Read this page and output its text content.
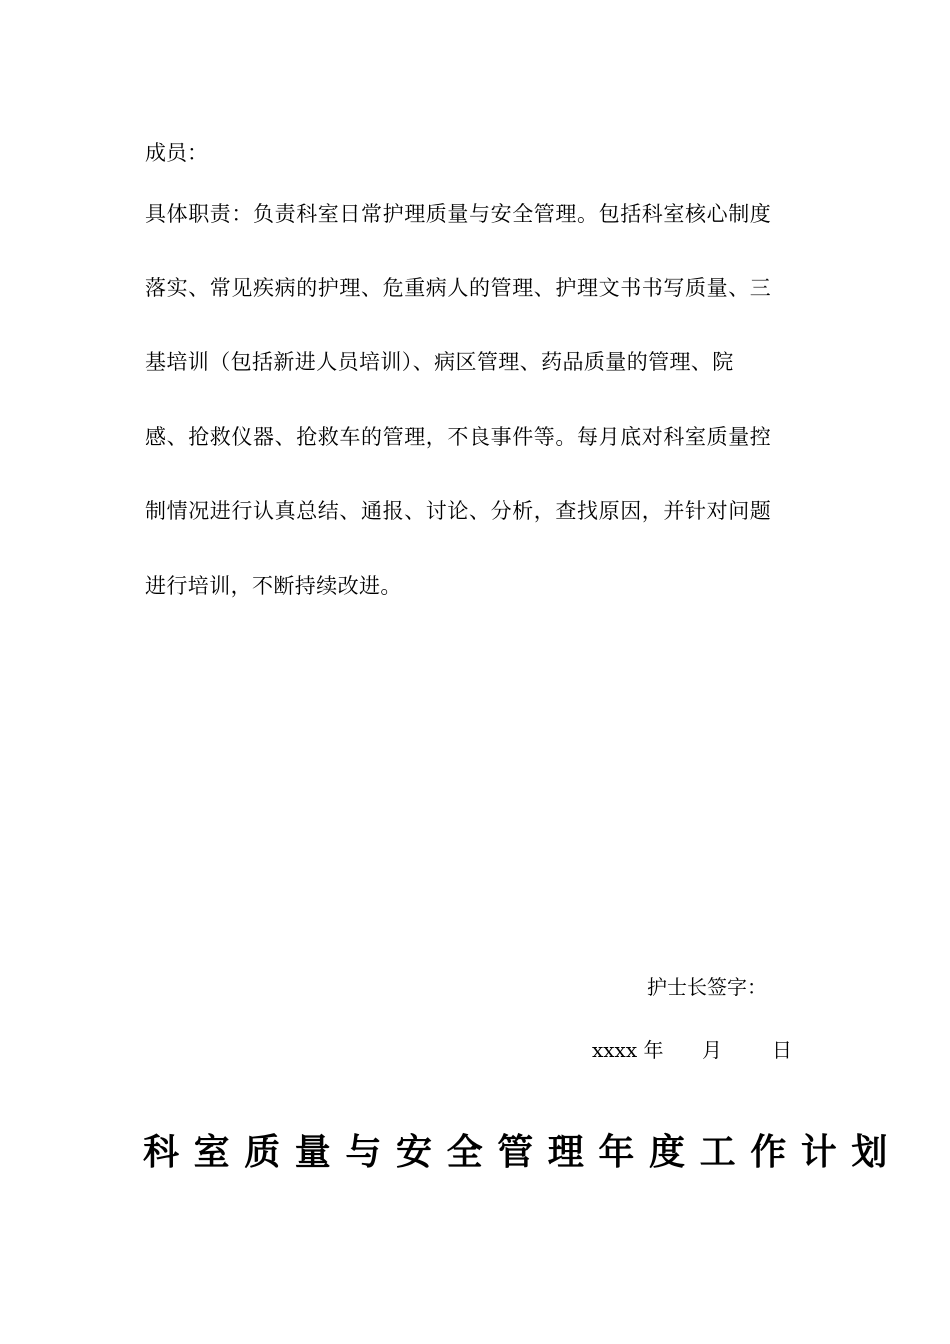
成员：
具体职责：负责科室日常护理质量与安全管理。包括科室核心制度
落实、常见疾病的护理、危重病人的管理、护理文书书写质量、三
基培训（包括新进人员培训）、病区管理、药品质量的管理、院
感、抢救仪器、抢救车的管理，不良事件等。每月底对科室质量控
制情况进行认真总结、通报、讨论、分析，查找原因，并针对问题
进行培训，不断持续改进。
护士长签字：
xxxx 年 月	日
科室质量与安全管理年度工作计划
